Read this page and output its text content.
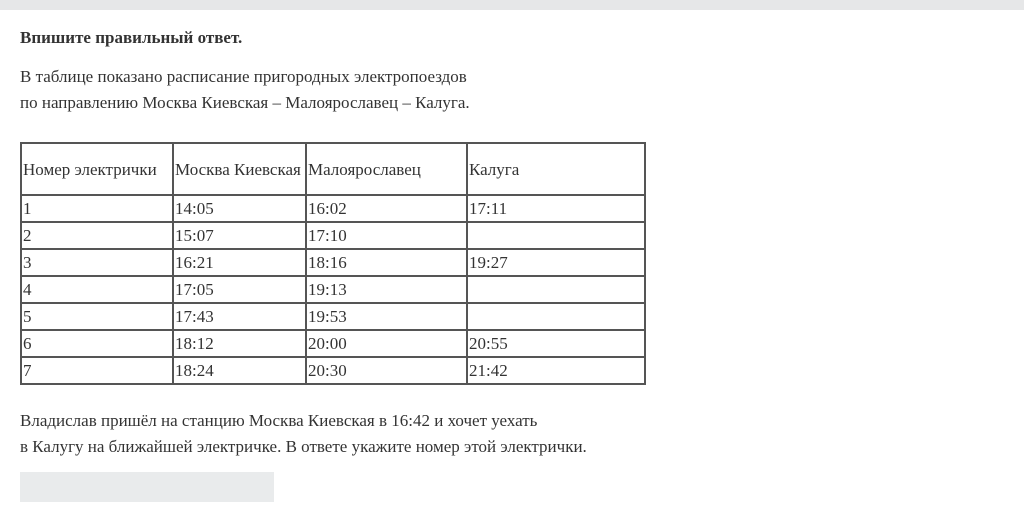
Впишите правильный ответ.

В таблице показано расписание пригородных электропоездов
по направлению Москва Киевская – Малоярославец – Калуга.

Номер электрички	Москва Киевская	Малоярославец	Калуга
1	14:05	16:02	17:11
2	15:07	17:10	
3	16:21	18:16	19:27
4	17:05	19:13	
5	17:43	19:53	
6	18:12	20:00	20:55
7	18:24	20:30	21:42

Владислав пришёл на станцию Москва Киевская в 16:42 и хочет уехать
в Калугу на ближайшей электричке. В ответе укажите номер этой электрички.
